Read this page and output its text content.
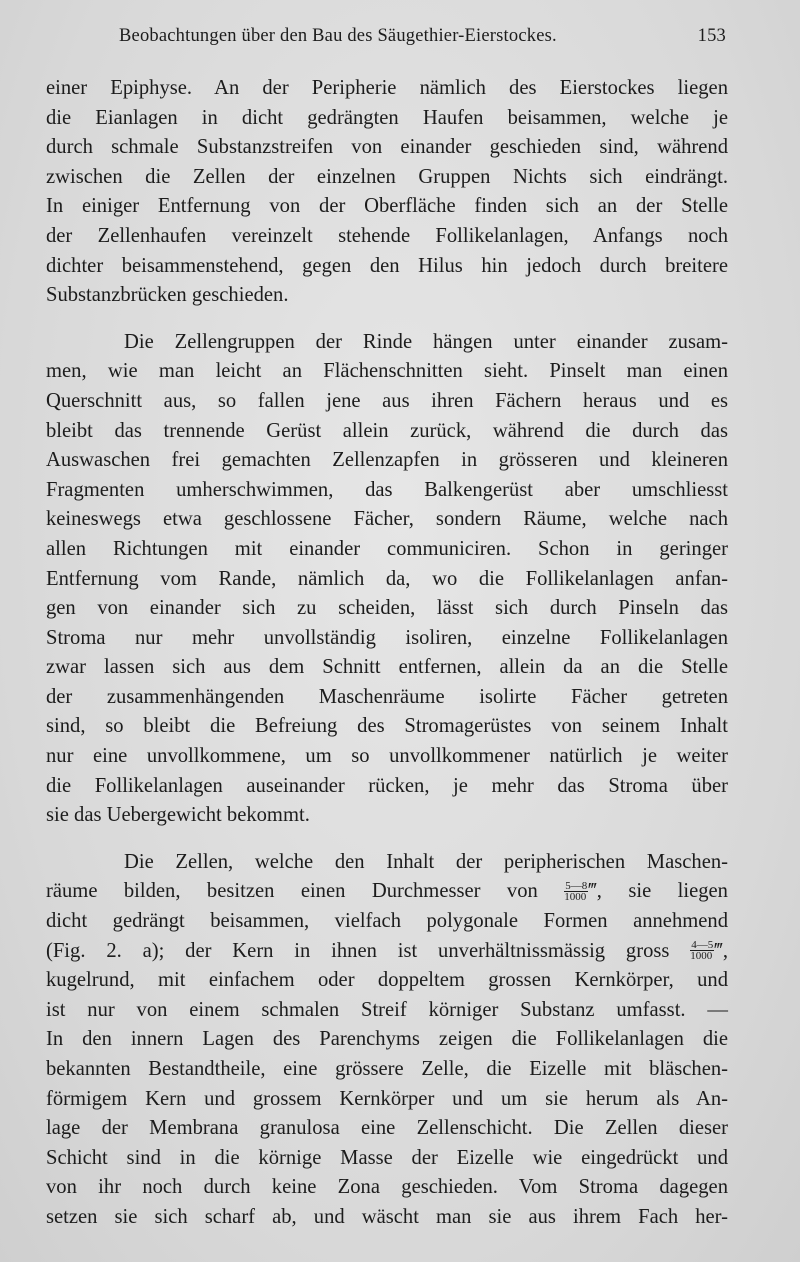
Beobachtungen über den Bau des Säugethier-Eierstockes.	153
einer Epiphyse. An der Peripherie nämlich des Eierstockes liegen
die Eianlagen in dicht gedrängten Haufen beisammen, welche je
durch schmale Substanzstreifen von einander geschieden sind, während
zwischen die Zellen der einzelnen Gruppen Nichts sich eindrängt.
In einiger Entfernung von der Oberfläche finden sich an der Stelle
der Zellenhaufen vereinzelt stehende Follikelanlagen, Anfangs noch
dichter beisammenstehend, gegen den Hilus hin jedoch durch breitere
Substanzbrücken geschieden.
Die Zellengruppen der Rinde hängen unter einander zusam-
men, wie man leicht an Flächenschnitten sieht. Pinselt man einen
Querschnitt aus, so fallen jene aus ihren Fächern heraus und es
bleibt das trennende Gerüst allein zurück, während die durch das
Auswaschen frei gemachten Zellenzapfen in grösseren und kleineren
Fragmenten umherschwimmen, das Balkengerüst aber umschliesst
keineswegs etwa geschlossene Fächer, sondern Räume, welche nach
allen Richtungen mit einander communiciren. Schon in geringer
Entfernung vom Rande, nämlich da, wo die Follikelanlagen anfan-
gen von einander sich zu scheiden, lässt sich durch Pinseln das
Stroma nur mehr unvollständig isoliren, einzelne Follikelanlagen
zwar lassen sich aus dem Schnitt entfernen, allein da an die Stelle
der zusammenhängenden Maschenräume isolirte Fächer getreten
sind, so bleibt die Befreiung des Stromagerüstes von seinem Inhalt
nur eine unvollkommene, um so unvollkommener natürlich je weiter
die Follikelanlagen auseinander rücken, je mehr das Stroma über
sie das Uebergewicht bekommt.
Die Zellen, welche den Inhalt der peripherischen Maschen-
räume bilden, besitzen einen Durchmesser von $\frac{5—8}{1000}$ ‴, sie liegen
dicht gedrängt beisammen, vielfach polygonale Formen annehmend
(Fig. 2. a); der Kern in ihnen ist unverhältnissmässig gross $\frac{4—5}{1000}$ ‴,
kugelrund, mit einfachem oder doppeltem grossen Kernkörper, und
ist nur von einem schmalen Streif körniger Substanz umfasst. —
In den innern Lagen des Parenchyms zeigen die Follikelanlagen die
bekannten Bestandtheile, eine grössere Zelle, die Eizelle mit bläschen-
förmigem Kern und grossem Kernkörper und um sie herum als An-
lage der Membrana granulosa eine Zellenschicht. Die Zellen dieser
Schicht sind in die körnige Masse der Eizelle wie eingedrückt und
von ihr noch durch keine Zona geschieden. Vom Stroma dagegen
setzen sie sich scharf ab, und wäscht man sie aus ihrem Fach her-
